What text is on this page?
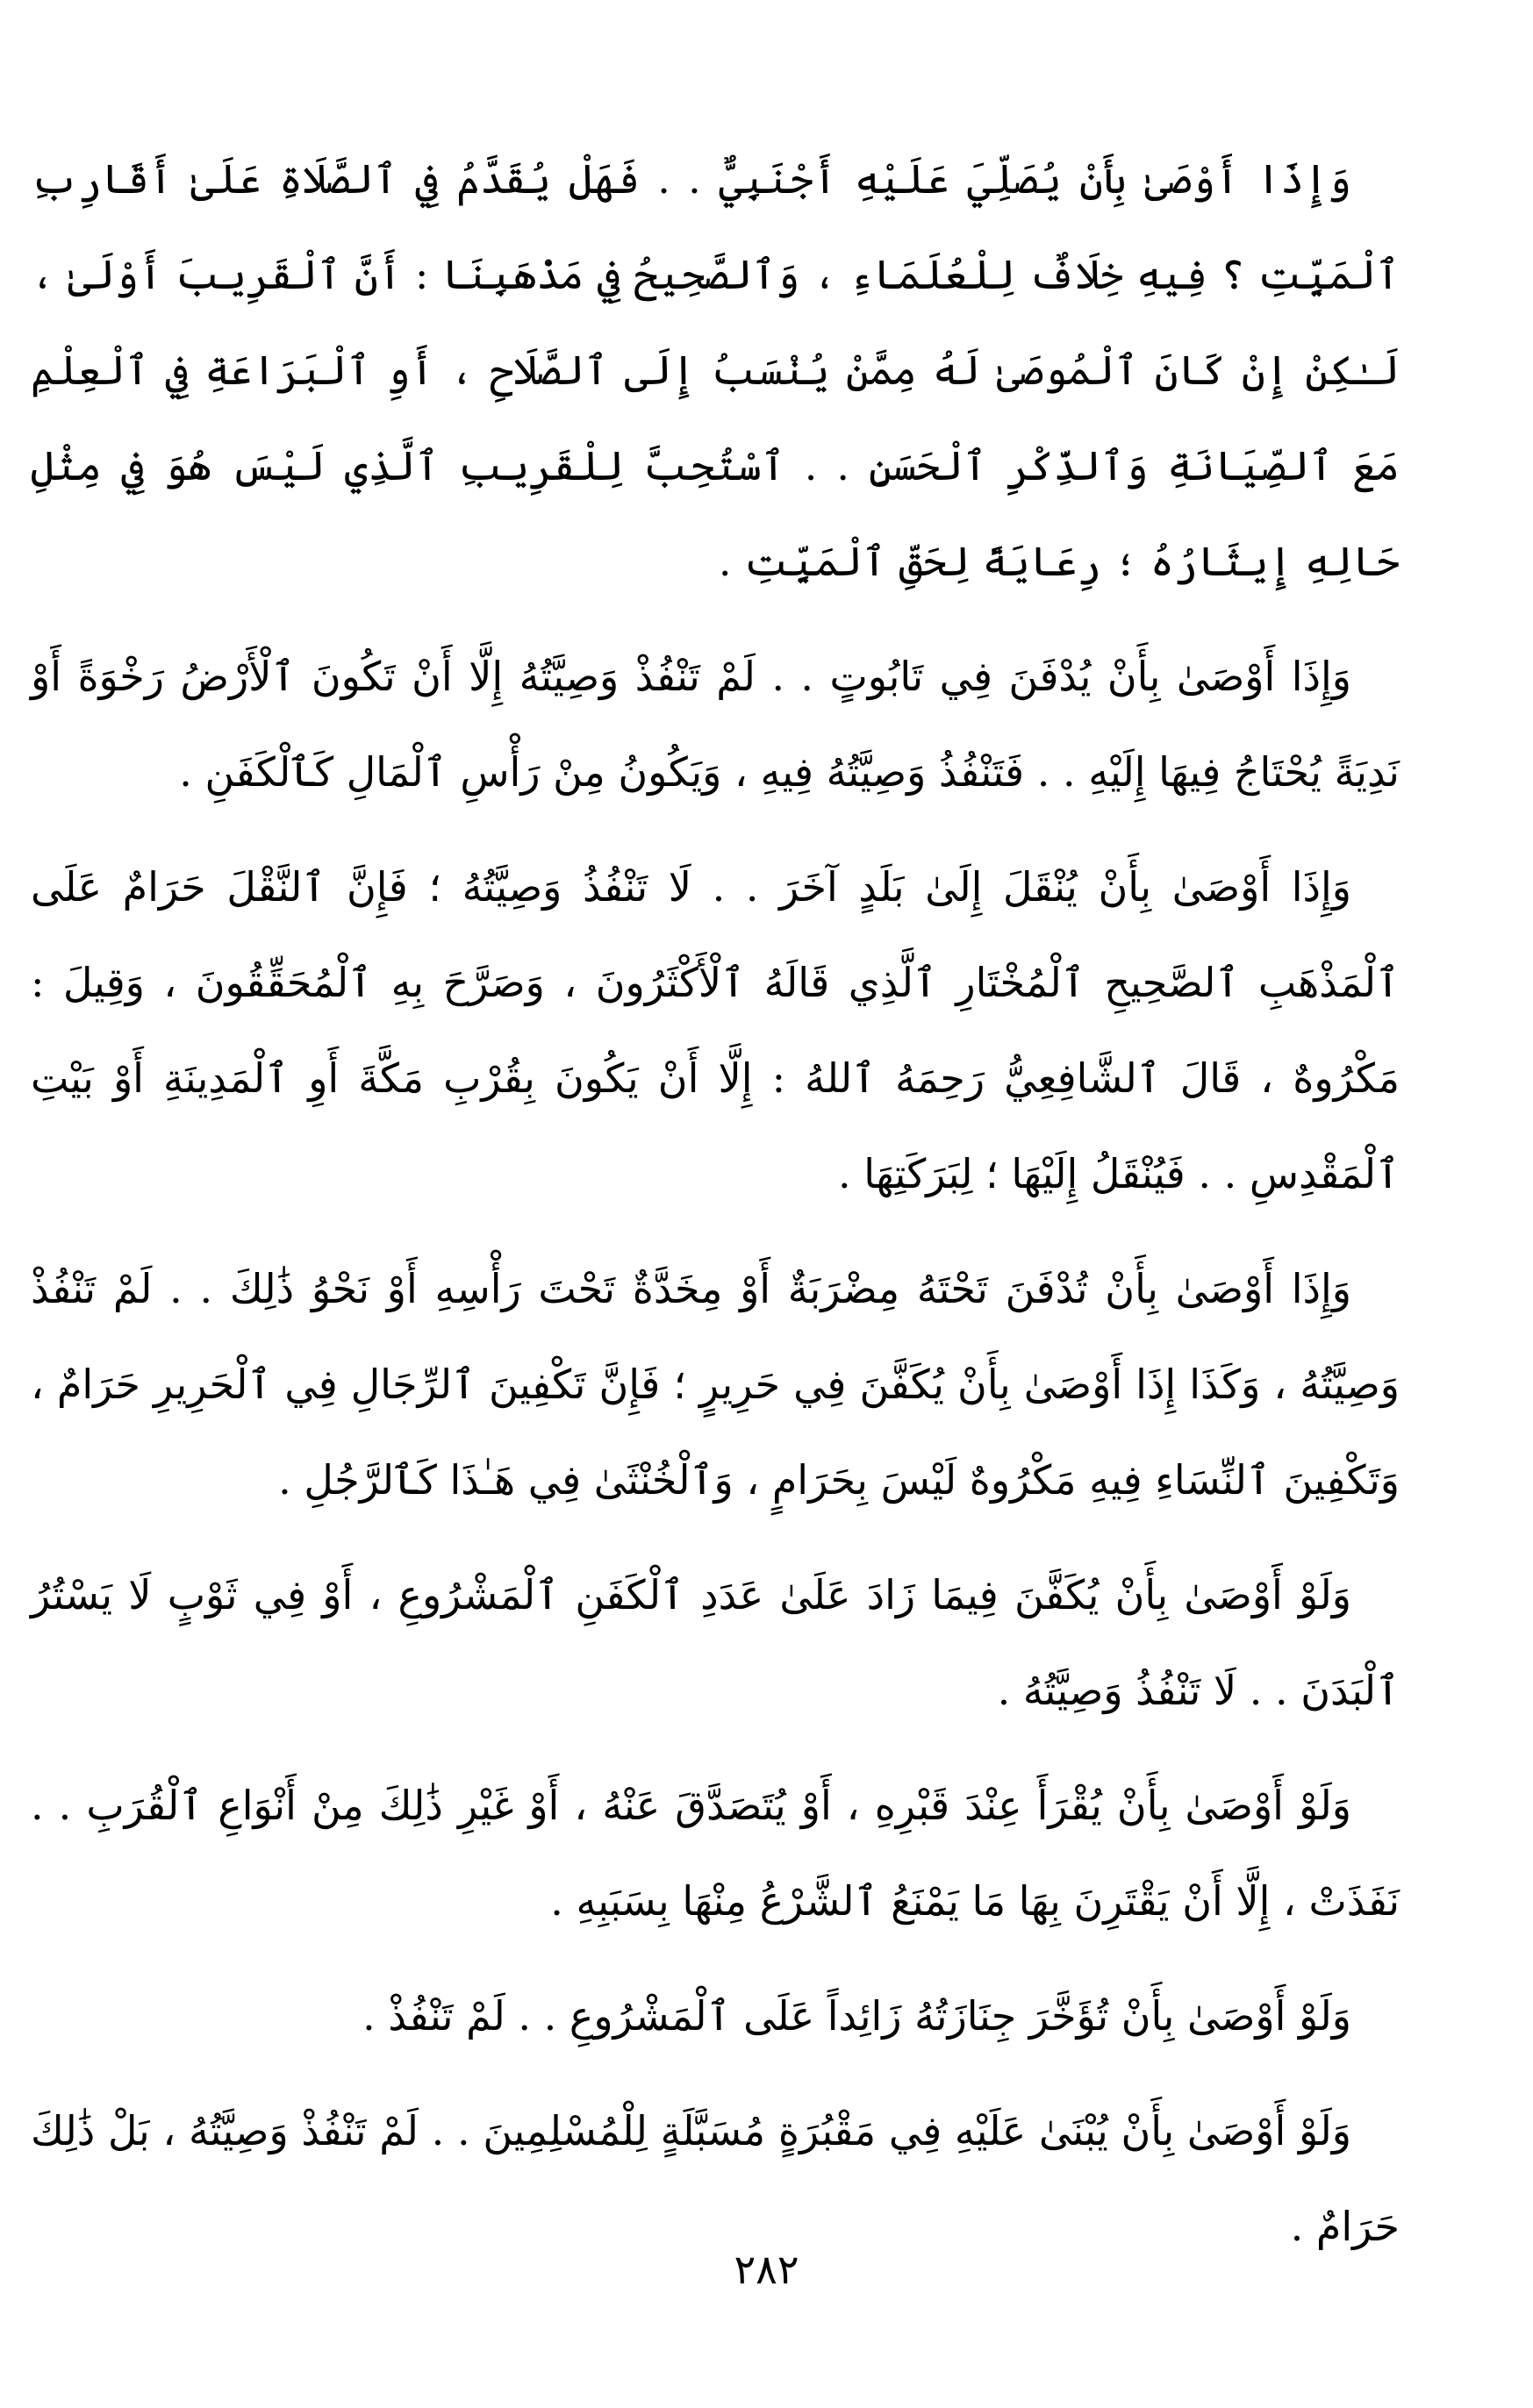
وَإِذَا أَوْصَىٰ بِأَنْ يُصَلِّيَ عَلَيْهِ أَجْنَبِيٌّ . . فَهَلْ يُقَدَّمُ فِي ٱلصَّلَاةِ عَلَىٰ أَقَارِبِ ٱلْمَيِّتِ ؟ فِيهِ خِلَافٌ لِلْعُلَمَاءِ ، وَٱلصَّحِيحُ فِي مَذْهَبِنَا : أَنَّ ٱلْقَرِيبَ أَوْلَىٰ ، لَـٰكِنْ إِنْ كَانَ ٱلْمُوصَىٰ لَهُ مِمَّنْ يُنْسَبُ إِلَى ٱلصَّلَاحِ ، أَوِ ٱلْبَرَاعَةِ فِي ٱلْعِلْمِ مَعَ ٱلصِّيَانَةِ وَٱلذِّكْرِ ٱلْحَسَنِ . . ٱسْتُحِبَّ لِلْقَرِيبِ ٱلَّذِي لَيْسَ هُوَ فِي مِثْلِ حَالِهِ إِيثَارُهُ ؛ رِعَايَةً لِحَقِّ ٱلْمَيِّتِ .

وَإِذَا أَوْصَىٰ بِأَنْ يُدْفَنَ فِي تَابُوتٍ . . لَمْ تَنْفُذْ وَصِيَّتُهُ إِلَّا أَنْ تَكُونَ ٱلْأَرْضُ رَخْوَةً أَوْ نَدِيَةً يُحْتَاجُ فِيهَا إِلَيْهِ . . فَتَنْفُذُ وَصِيَّتُهُ فِيهِ ، وَيَكُونُ مِنْ رَأْسِ ٱلْمَالِ كَٱلْكَفَنِ .

وَإِذَا أَوْصَىٰ بِأَنْ يُنْقَلَ إِلَىٰ بَلَدٍ آخَرَ . . لَا تَنْفُذُ وَصِيَّتُهُ ؛ فَإِنَّ ٱلنَّقْلَ حَرَامٌ عَلَى ٱلْمَذْهَبِ ٱلصَّحِيحِ ٱلْمُخْتَارِ ٱلَّذِي قَالَهُ ٱلْأَكْثَرُونَ ، وَصَرَّحَ بِهِ ٱلْمُحَقِّقُونَ ، وَقِيلَ : مَكْرُوهٌ ، قَالَ ٱلشَّافِعِيُّ رَحِمَهُ ٱللهُ : إِلَّا أَنْ يَكُونَ بِقُرْبِ مَكَّةَ أَوِ ٱلْمَدِينَةِ أَوْ بَيْتِ ٱلْمَقْدِسِ . . فَيُنْقَلُ إِلَيْهَا ؛ لِبَرَكَتِهَا .

وَإِذَا أَوْصَىٰ بِأَنْ تُدْفَنَ تَحْتَهُ مِضْرَبَةٌ أَوْ مِخَدَّةٌ تَحْتَ رَأْسِهِ أَوْ نَحْوُ ذَٰلِكَ . . لَمْ تَنْفُذْ وَصِيَّتُهُ ، وَكَذَا إِذَا أَوْصَىٰ بِأَنْ يُكَفَّنَ فِي حَرِيرٍ ؛ فَإِنَّ تَكْفِينَ ٱلرِّجَالِ فِي ٱلْحَرِيرِ حَرَامٌ ، وَتَكْفِينَ ٱلنِّسَاءِ فِيهِ مَكْرُوهٌ لَيْسَ بِحَرَامٍ ، وَٱلْخُنْثَىٰ فِي هَـٰذَا كَٱلرَّجُلِ .

وَلَوْ أَوْصَىٰ بِأَنْ يُكَفَّنَ فِيمَا زَادَ عَلَىٰ عَدَدِ ٱلْكَفَنِ ٱلْمَشْرُوعِ ، أَوْ فِي ثَوْبٍ لَا يَسْتُرُ ٱلْبَدَنَ . . لَا تَنْفُذُ وَصِيَّتُهُ .

وَلَوْ أَوْصَىٰ بِأَنْ يُقْرَأَ عِنْدَ قَبْرِهِ ، أَوْ يُتَصَدَّقَ عَنْهُ ، أَوْ غَيْرِ ذَٰلِكَ مِنْ أَنْوَاعِ ٱلْقُرَبِ . . نَفَذَتْ ، إِلَّا أَنْ يَقْتَرِنَ بِهَا مَا يَمْنَعُ ٱلشَّرْعُ مِنْهَا بِسَبَبِهِ .

وَلَوْ أَوْصَىٰ بِأَنْ تُؤَخَّرَ جِنَازَتُهُ زَائِداً عَلَى ٱلْمَشْرُوعِ . . لَمْ تَنْفُذْ .

وَلَوْ أَوْصَىٰ بِأَنْ يُبْنَىٰ عَلَيْهِ فِي مَقْبُرَةٍ مُسَبَّلَةٍ لِلْمُسْلِمِينَ . . لَمْ تَنْفُذْ وَصِيَّتُهُ ، بَلْ ذَٰلِكَ حَرَامٌ .

٢٨٢
